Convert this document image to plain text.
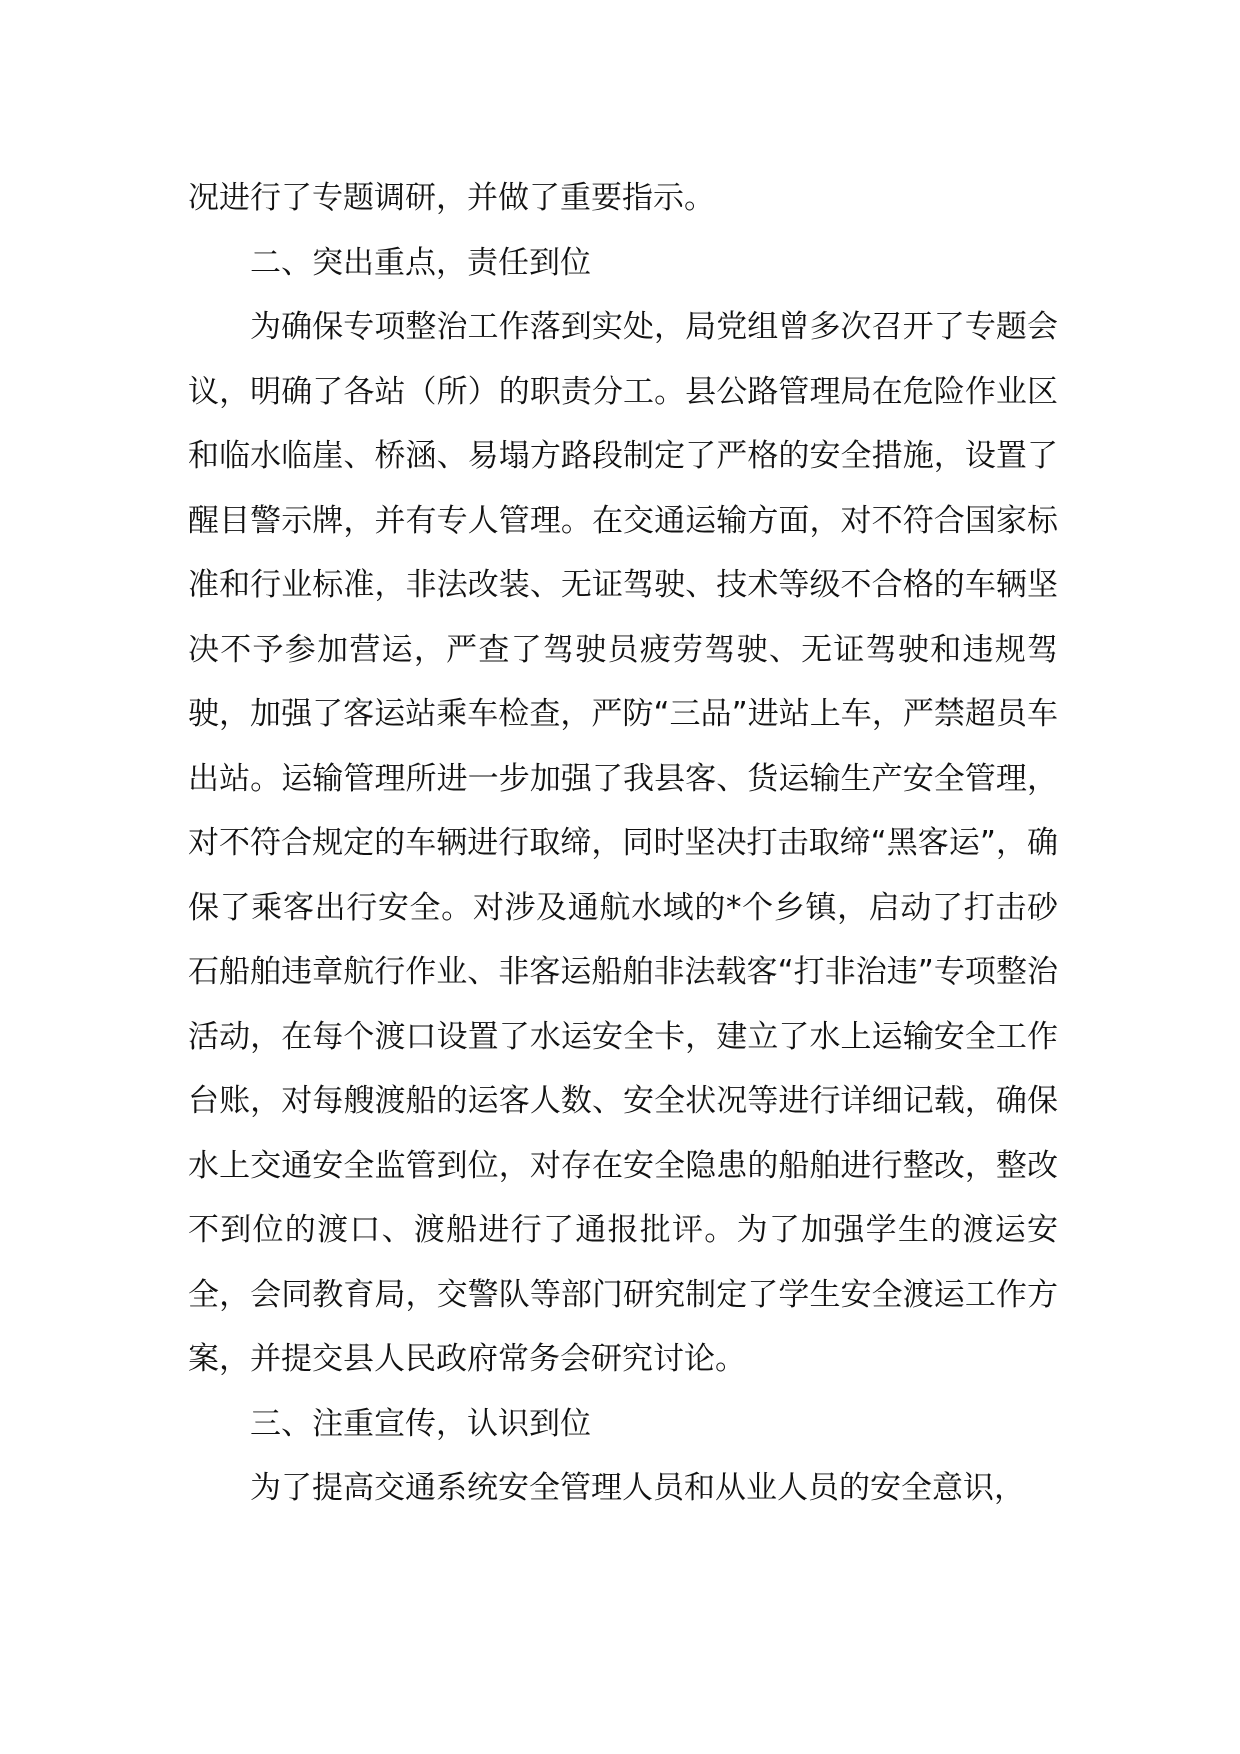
况进行了专题调研，并做了重要指示。

二、突出重点，责任到位

为确保专项整治工作落到实处，局党组曾多次召开了专题会议，明确了各站（所）的职责分工。县公路管理局在危险作业区和临水临崖、桥涵、易塌方路段制定了严格的安全措施，设置了醒目警示牌，并有专人管理。在交通运输方面，对不符合国家标准和行业标准，非法改装、无证驾驶、技术等级不合格的车辆坚决不予参加营运，严查了驾驶员疲劳驾驶、无证驾驶和违规驾驶，加强了客运站乘车检查，严防“三品”进站上车，严禁超员车出站。运输管理所进一步加强了我县客、货运输生产安全管理，对不符合规定的车辆进行取缔，同时坚决打击取缔“黑客运”，确保了乘客出行安全。对涉及通航水域的*个乡镇，启动了打击砂石船舶违章航行作业、非客运船舶非法载客“打非治违”专项整治活动，在每个渡口设置了水运安全卡，建立了水上运输安全工作台账，对每艘渡船的运客人数、安全状况等进行详细记载，确保水上交通安全监管到位，对存在安全隐患的船舶进行整改，整改不到位的渡口、渡船进行了通报批评。为了加强学生的渡运安全，会同教育局，交警队等部门研究制定了学生安全渡运工作方案，并提交县人民政府常务会研究讨论。

三、注重宣传，认识到位

为了提高交通系统安全管理人员和从业人员的安全意识，
